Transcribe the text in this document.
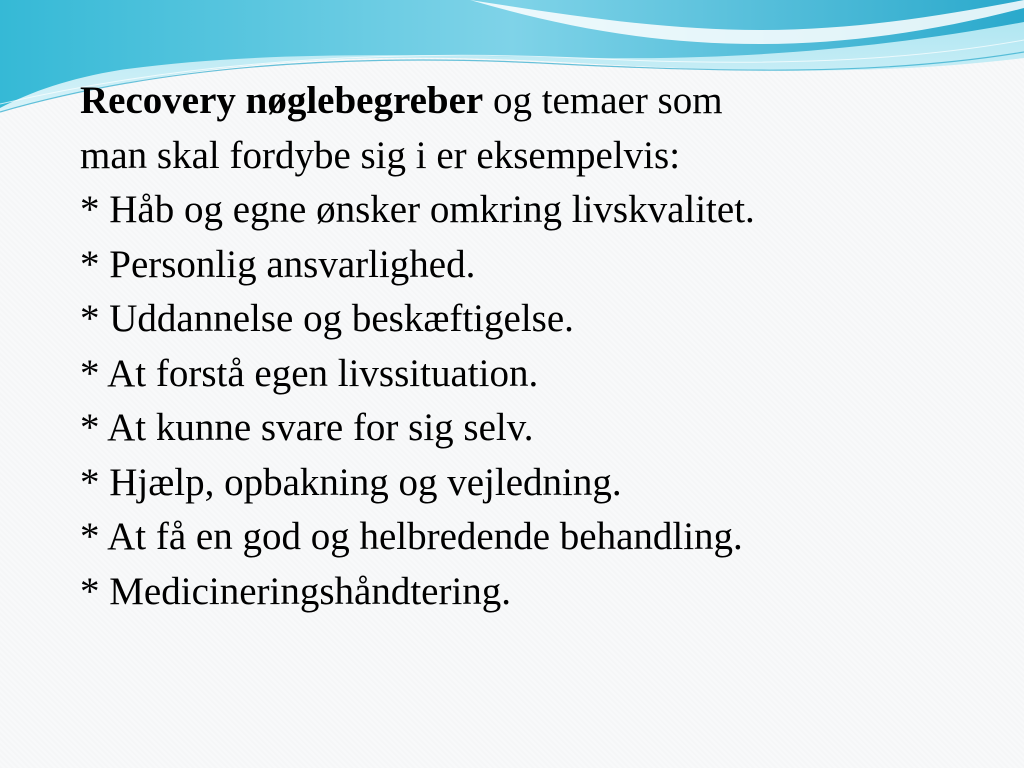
Recovery nøglebegreber og temaer som
man skal fordybe sig i er eksempelvis:
* Håb og egne ønsker omkring livskvalitet.
* Personlig ansvarlighed.
* Uddannelse og beskæftigelse.
* At forstå egen livssituation.
* At kunne svare for sig selv.
* Hjælp, opbakning og vejledning.
* At få en god og helbredende behandling.
* Medicineringshåndtering.
